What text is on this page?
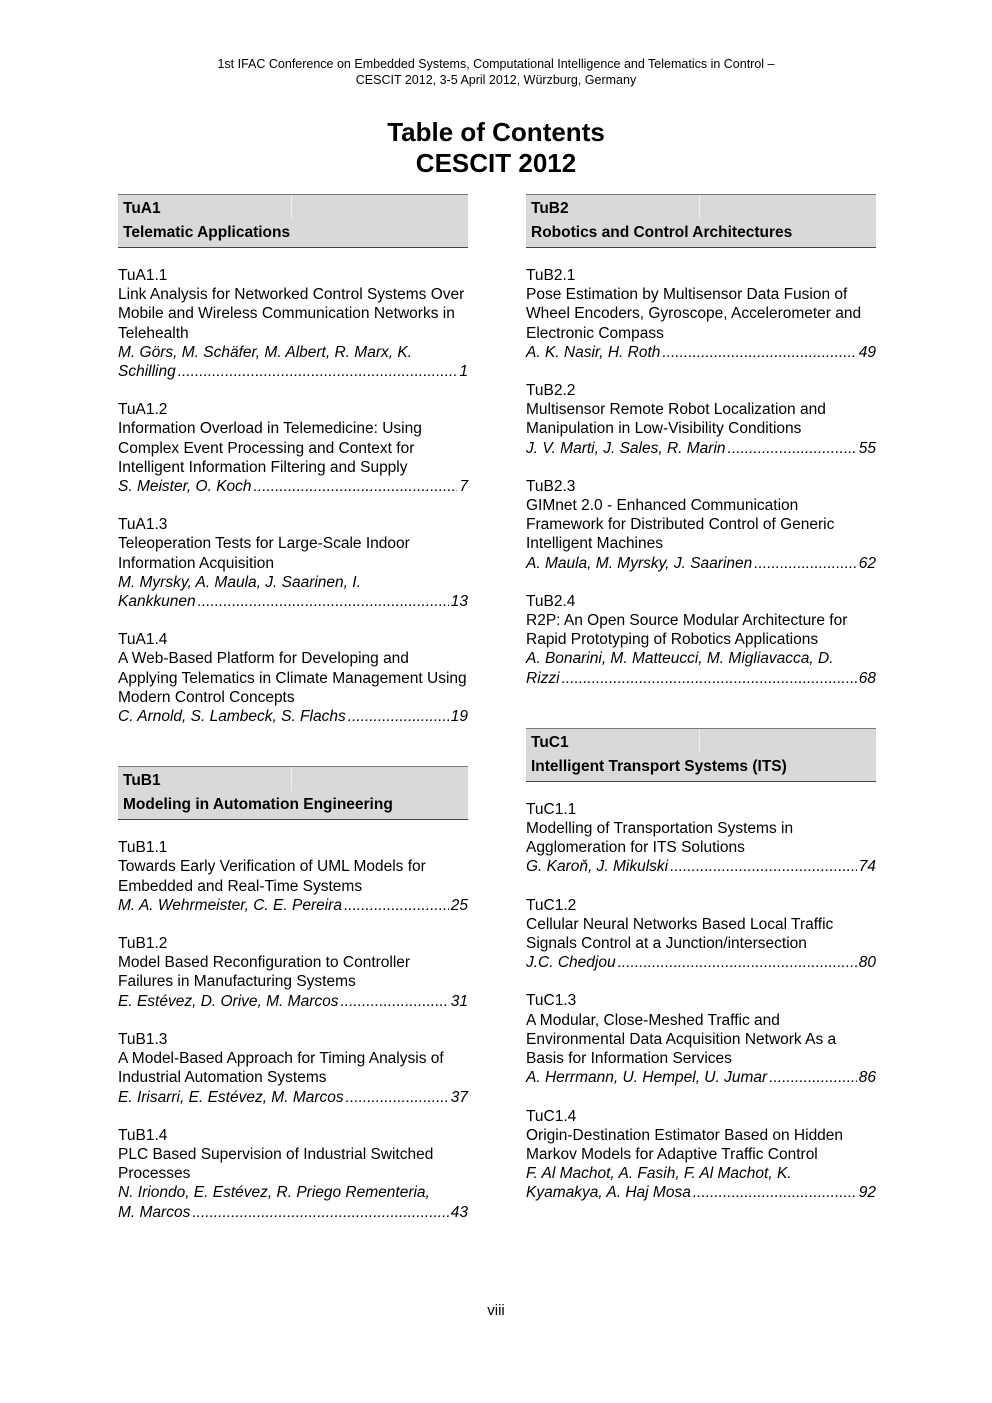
1st IFAC Conference on Embedded Systems, Computational Intelligence and Telematics in Control –
CESCIT 2012, 3-5 April 2012, Würzburg, Germany
Table of Contents
CESCIT 2012
TuA1
Telematic Applications
TuA1.1
Link Analysis for Networked Control Systems Over Mobile and Wireless Communication Networks in Telehealth
M. Görs, M. Schäfer, M. Albert, R. Marx, K.
Schilling .....	1
TuA1.2
Information Overload in Telemedicine: Using Complex Event Processing and Context for Intelligent Information Filtering and Supply
S. Meister, O. Koch .....	7
TuA1.3
Teleoperation Tests for Large-Scale Indoor Information Acquisition
M. Myrsky, A. Maula, J. Saarinen, I.
Kankkunen .....	13
TuA1.4
A Web-Based Platform for Developing and Applying Telematics in Climate Management Using Modern Control Concepts
C. Arnold, S. Lambeck, S. Flachs .....	19
TuB1
Modeling in Automation Engineering
TuB1.1
Towards Early Verification of UML Models for Embedded and Real-Time Systems
M. A. Wehrmeister, C. E. Pereira .....	25
TuB1.2
Model Based Reconfiguration to Controller Failures in Manufacturing Systems
E. Estévez, D. Orive, M. Marcos .....	31
TuB1.3
A Model-Based Approach for Timing Analysis of Industrial Automation Systems
E. Irisarri, E. Estévez, M. Marcos .....	37
TuB1.4
PLC Based Supervision of Industrial Switched Processes
N. Iriondo, E. Estévez, R. Priego Rementeria,
M. Marcos .....	43
TuB2
Robotics and Control Architectures
TuB2.1
Pose Estimation by Multisensor Data Fusion of Wheel Encoders, Gyroscope, Accelerometer and Electronic Compass
A. K. Nasir, H. Roth .....	49
TuB2.2
Multisensor Remote Robot Localization and Manipulation in Low-Visibility Conditions
J. V. Marti, J. Sales, R. Marin .....	55
TuB2.3
GIMnet 2.0 - Enhanced Communication Framework for Distributed Control of Generic Intelligent Machines
A. Maula, M. Myrsky, J. Saarinen .....	62
TuB2.4
R2P: An Open Source Modular Architecture for Rapid Prototyping of Robotics Applications
A. Bonarini, M. Matteucci, M. Migliavacca, D.
Rizzi .....	68
TuC1
Intelligent Transport Systems (ITS)
TuC1.1
Modelling of Transportation Systems in Agglomeration for ITS Solutions
G. Karoň, J. Mikulski .....	74
TuC1.2
Cellular Neural Networks Based Local Traffic Signals Control at a Junction/intersection
J.C. Chedjou .....	80
TuC1.3
A Modular, Close-Meshed Traffic and Environmental Data Acquisition Network As a Basis for Information Services
A. Herrmann, U. Hempel, U. Jumar .....	86
TuC1.4
Origin-Destination Estimator Based on Hidden Markov Models for Adaptive Traffic Control
F. Al Machot, A. Fasih, F. Al Machot, K.
Kyamakya, A. Haj Mosa .....	92
viii
